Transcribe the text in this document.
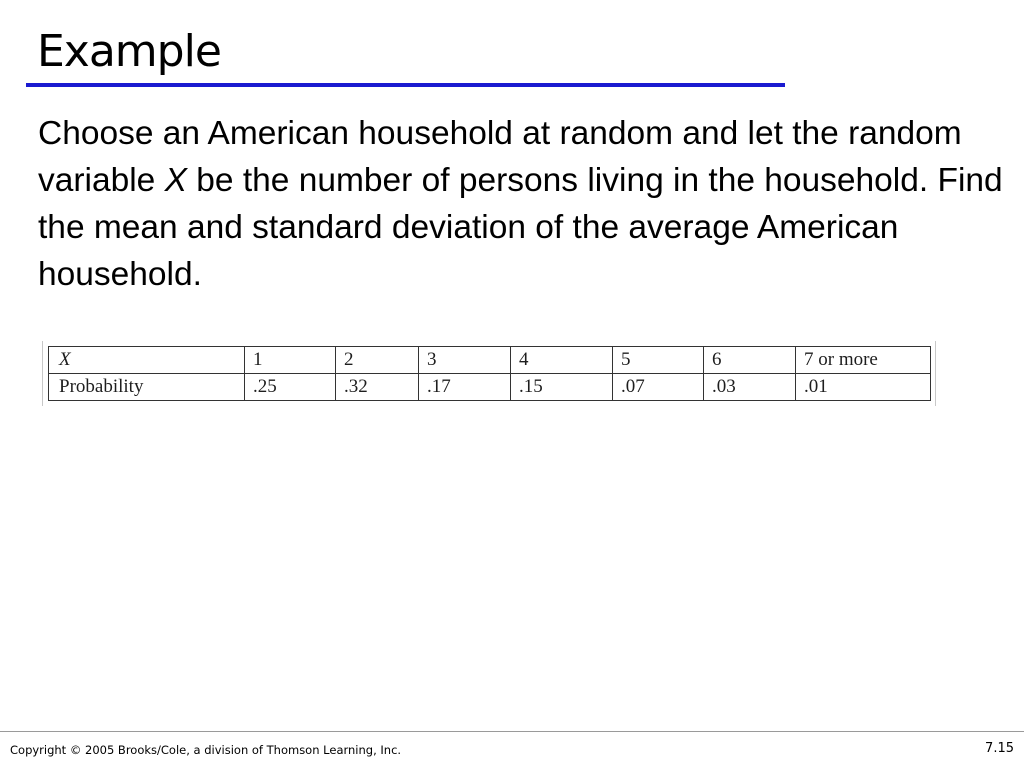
Example

Choose an American household at random and let the random variable X be the number of persons living in the household. Find the mean and standard deviation of the average American household.

X	1	2	3	4	5	6	7 or more
Probability	.25	.32	.17	.15	.07	.03	.01
Copyright © 2005 Brooks/Cole, a division of Thomson Learning, Inc.	7.15
